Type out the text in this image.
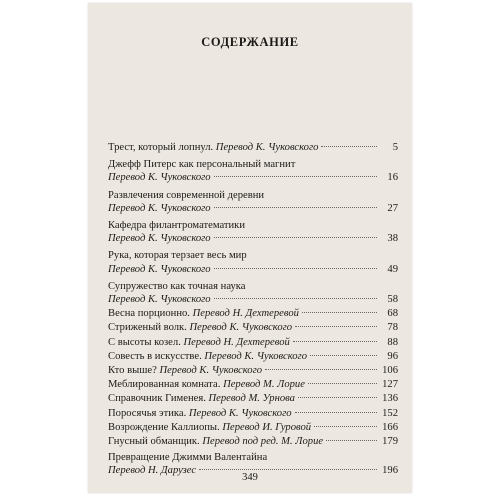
СОДЕРЖАНИЕ
Трест, который лопнул.
Перевод К. Чуковского	5
Джефф Питерс как персональный магнит
Перевод К. Чуковского	16
Развлечения современной деревни
Перевод К. Чуковского	27
Кафедра филантроматематики
Перевод К. Чуковского	38
Рука, которая терзает весь мир
Перевод К. Чуковского	49
Супружество как точная наука
Перевод К. Чуковского	58
Весна порционно.
Перевод Н. Дехтеревой	68
Стриженый волк.
Перевод К. Чуковского	78
С высоты козел.
Перевод Н. Дехтеревой	88
Совесть в искусстве.
Перевод К. Чуковского	96
Кто выше?
Перевод К. Чуковского	106
Меблированная комната.
Перевод М. Лорие	127
Справочник Гименея.
Перевод М. Урнова	136
Поросячья этика.
Перевод К. Чуковского	152
Возрождение Каллиопы.
Перевод И. Гуровой	166
Гнусный обманщик.
Перевод под ред. М. Лорие	179
Превращение Джимми Валентайна
Перевод Н. Дарузес	196
349
